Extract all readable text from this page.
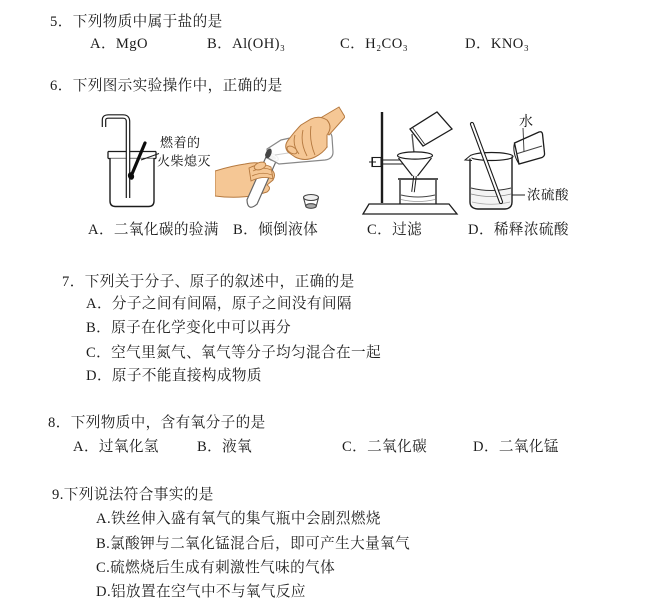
5．下列物质中属于盐的是
A．MgO	B．Al(OH)₃	C．H₂CO₃	D．KNO₃
6．下列图示实验操作中，正确的是
燃着的
火柴熄灭
水
浓硫酸
A．二氧化碳的验满 B．倾倒液体	C．过滤	D．稀释浓硫酸
7．下列关于分子、原子的叙述中，正确的是
A．分子之间有间隔，原子之间没有间隔
B．原子在化学变化中可以再分
C．空气里氮气、氧气等分子均匀混合在一起
D．原子不能直接构成物质
8．下列物质中，含有氧分子的是
A．过氧化氢	B．液氧	C．二氧化碳	D．二氧化锰
9.下列说法符合事实的是
A.铁丝伸入盛有氧气的集气瓶中会剧烈燃烧
B.氯酸钾与二氧化锰混合后，即可产生大量氧气
C.硫燃烧后生成有刺激性气味的气体
D.铝放置在空气中不与氧气反应
